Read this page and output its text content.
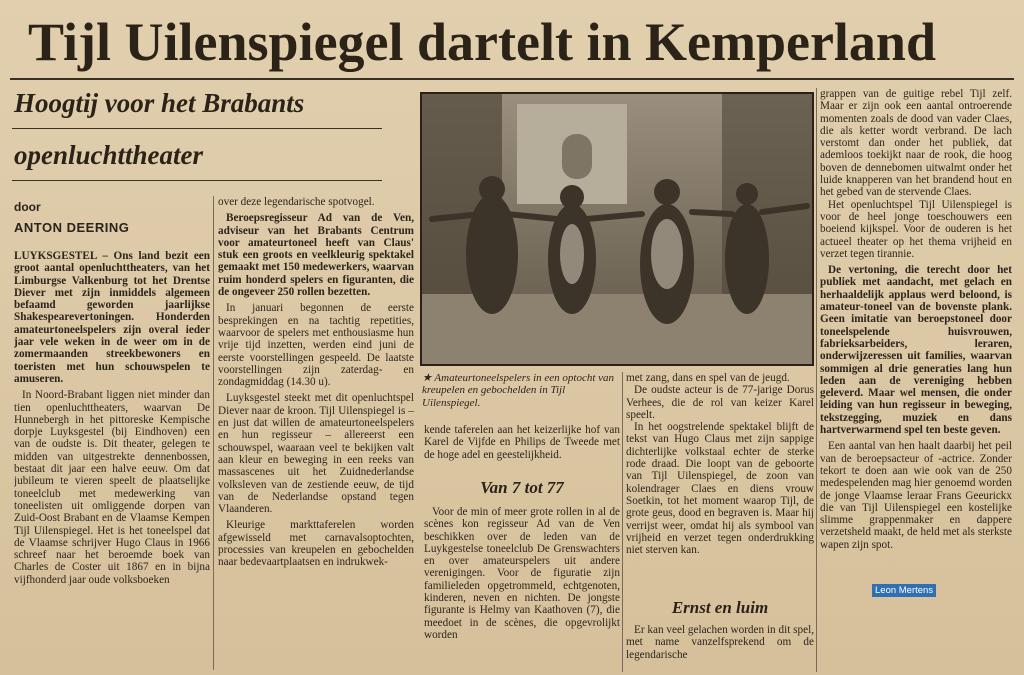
Tijl Uilenspiegel dartelt in Kemperland
Hoogtij voor het Brabants
openluchttheater
door
ANTON DEERING

LUYKSGESTEL – Ons land bezit een groot aantal openluchttheaters, van het Limburgse Valkenburg tot het Drentse Diever met zijn inmiddels algemeen befaamd geworden jaarlijkse Shakespearevertoningen. Honderden amateurtoneelspelers zijn overal ieder jaar vele weken in de weer om in de zomermaanden streekbewoners en toeristen met hun schouwspelen te amuseren.

In Noord-Brabant liggen niet minder dan tien openluchttheaters, waarvan De Hunnebergh in het pittoreske Kempische dorpje Luyksgestel (bij Eindhoven) een van de oudste is. Dit theater, gelegen te midden van uitgestrekte dennenbossen, bestaat dit jaar een halve eeuw. Om dat jubileum te vieren speelt de plaatselijke toneelclub met medewerking van toneelisten uit omliggende dorpen van Zuid-Oost Brabant en de Vlaamse Kempen Tijl Uilenspiegel. Het is het toneelspel dat de Vlaamse schrijver Hugo Claus in 1966 schreef naar het beroemde boek van Charles de Coster uit 1867 en in bijna vijfhonderd jaar oude volksboeken

over deze legendarische spotvogel.

Beroepsregisseur Ad van de Ven, adviseur van het Brabants Centrum voor amateurtoneel heeft van Claus' stuk een groots en veelkleurig spektakel gemaakt met 150 medewerkers, waarvan ruim honderd spelers en figuranten, die de ongeveer 250 rollen bezetten.

In januari begonnen de eerste besprekingen en na tachtig repetities, waarvoor de spelers met enthousiasme hun vrije tijd inzetten, werden eind juni de eerste voorstellingen gespeeld. De laatste voorstellingen zijn zaterdag- en zondagmiddag (14.30 u).

Luyksgestel steekt met dit openluchtspel Diever naar de kroon. Tijl Uilenspiegel is – en just dat willen de amateurtoneelspelers en hun regisseur – allereerst een schouwspel, waaraan veel te bekijken valt aan kleur en beweging in een reeks van massascenes uit het Zuidnederlandse volksleven van de zestiende eeuw, de tijd van de Nederlandse opstand tegen Vlaanderen.

Kleurige markttaferelen worden afgewisseld met carnavalsoptochten, processies van kreupelen en gebochelden naar bedevaartplaatsen en indrukwek-

★ Amateurtoneelspelers in een optocht van kreupelen en gebochelden in Tijl Uilenspiegel.

kende taferelen aan het keizerlijke hof van Karel de Vijfde en Philips de Tweede met de hoge adel en geestelijkheid.

Van 7 tot 77

Voor de min of meer grote rollen in al de scènes kon regisseur Ad van de Ven beschikken over de leden van de Luykgestelse toneelclub De Grenswachters en over amateurspelers uit andere verenigingen. Voor de figuratie zijn familieleden opgetrommeld, echtgenoten, kinderen, neven en nichten. De jongste figurante is Helmy van Kaathoven (7), die meedoet in de scènes, die opgevrolijkt worden

met zang, dans en spel van de jeugd.

De oudste acteur is de 77-jarige Dorus Verhees, die de rol van keizer Karel speelt.

In het oogstrelende spektakel blijft de tekst van Hugo Claus met zijn sappige dichterlijke volkstaal echter de sterke rode draad. Die loopt van de geboorte van Tijl Uilenspiegel, de zoon van kolendrager Claes en diens vrouw Soetkin, tot het moment waarop Tijl, de grote geus, dood en begraven is. Maar hij verrijst weer, omdat hij als symbool van vrijheid en verzet tegen onderdrukking niet sterven kan.

Ernst en luim

Er kan veel gelachen worden in dit spel, met name vanzelfsprekend om de legendarische

grappen van de guitige rebel Tijl zelf. Maar er zijn ook een aantal ontroerende momenten zoals de dood van vader Claes, die als ketter wordt verbrand. De lach verstomt dan onder het publiek, dat ademloos toekijkt naar de rook, die hoog boven de dennebomen uitwalmt onder het luide knapperen van het brandend hout en het gebed van de stervende Claes.

Het openluchtspel Tijl Uilenspiegel is voor de heel jonge toeschouwers een boeiend kijkspel. Voor de ouderen is het actueel theater op het thema vrijheid en verzet tegen tirannie.

De vertoning, die terecht door het publiek met aandacht, met gelach en herhaaldelijk applaus werd beloond, is amateur-toneel van de bovenste plank. Geen imitatie van beroepstoneel door toneelspelende huisvrouwen, fabrieksarbeiders, leraren, onderwijzeressen uit families, waarvan sommigen al drie generaties lang hun leden aan de vereniging hebben geleverd. Maar wel mensen, die onder leiding van hun regisseur in beweging, tekstzegging, muziek en dans hartverwarmend spel ten beste geven.

Een aantal van hen haalt daarbij het peil van de beroepsacteur of -actrice. Zonder tekort te doen aan wie ook van de 250 medespelenden mag hier genoemd worden de jonge Vlaamse leraar Frans Geeurickx die van Tijl Uilenspiegel een kostelijke slimme grappenmaker en dappere verzetsheld maakt, de held met als sterkste wapen zijn spot.

Leon Mertens
